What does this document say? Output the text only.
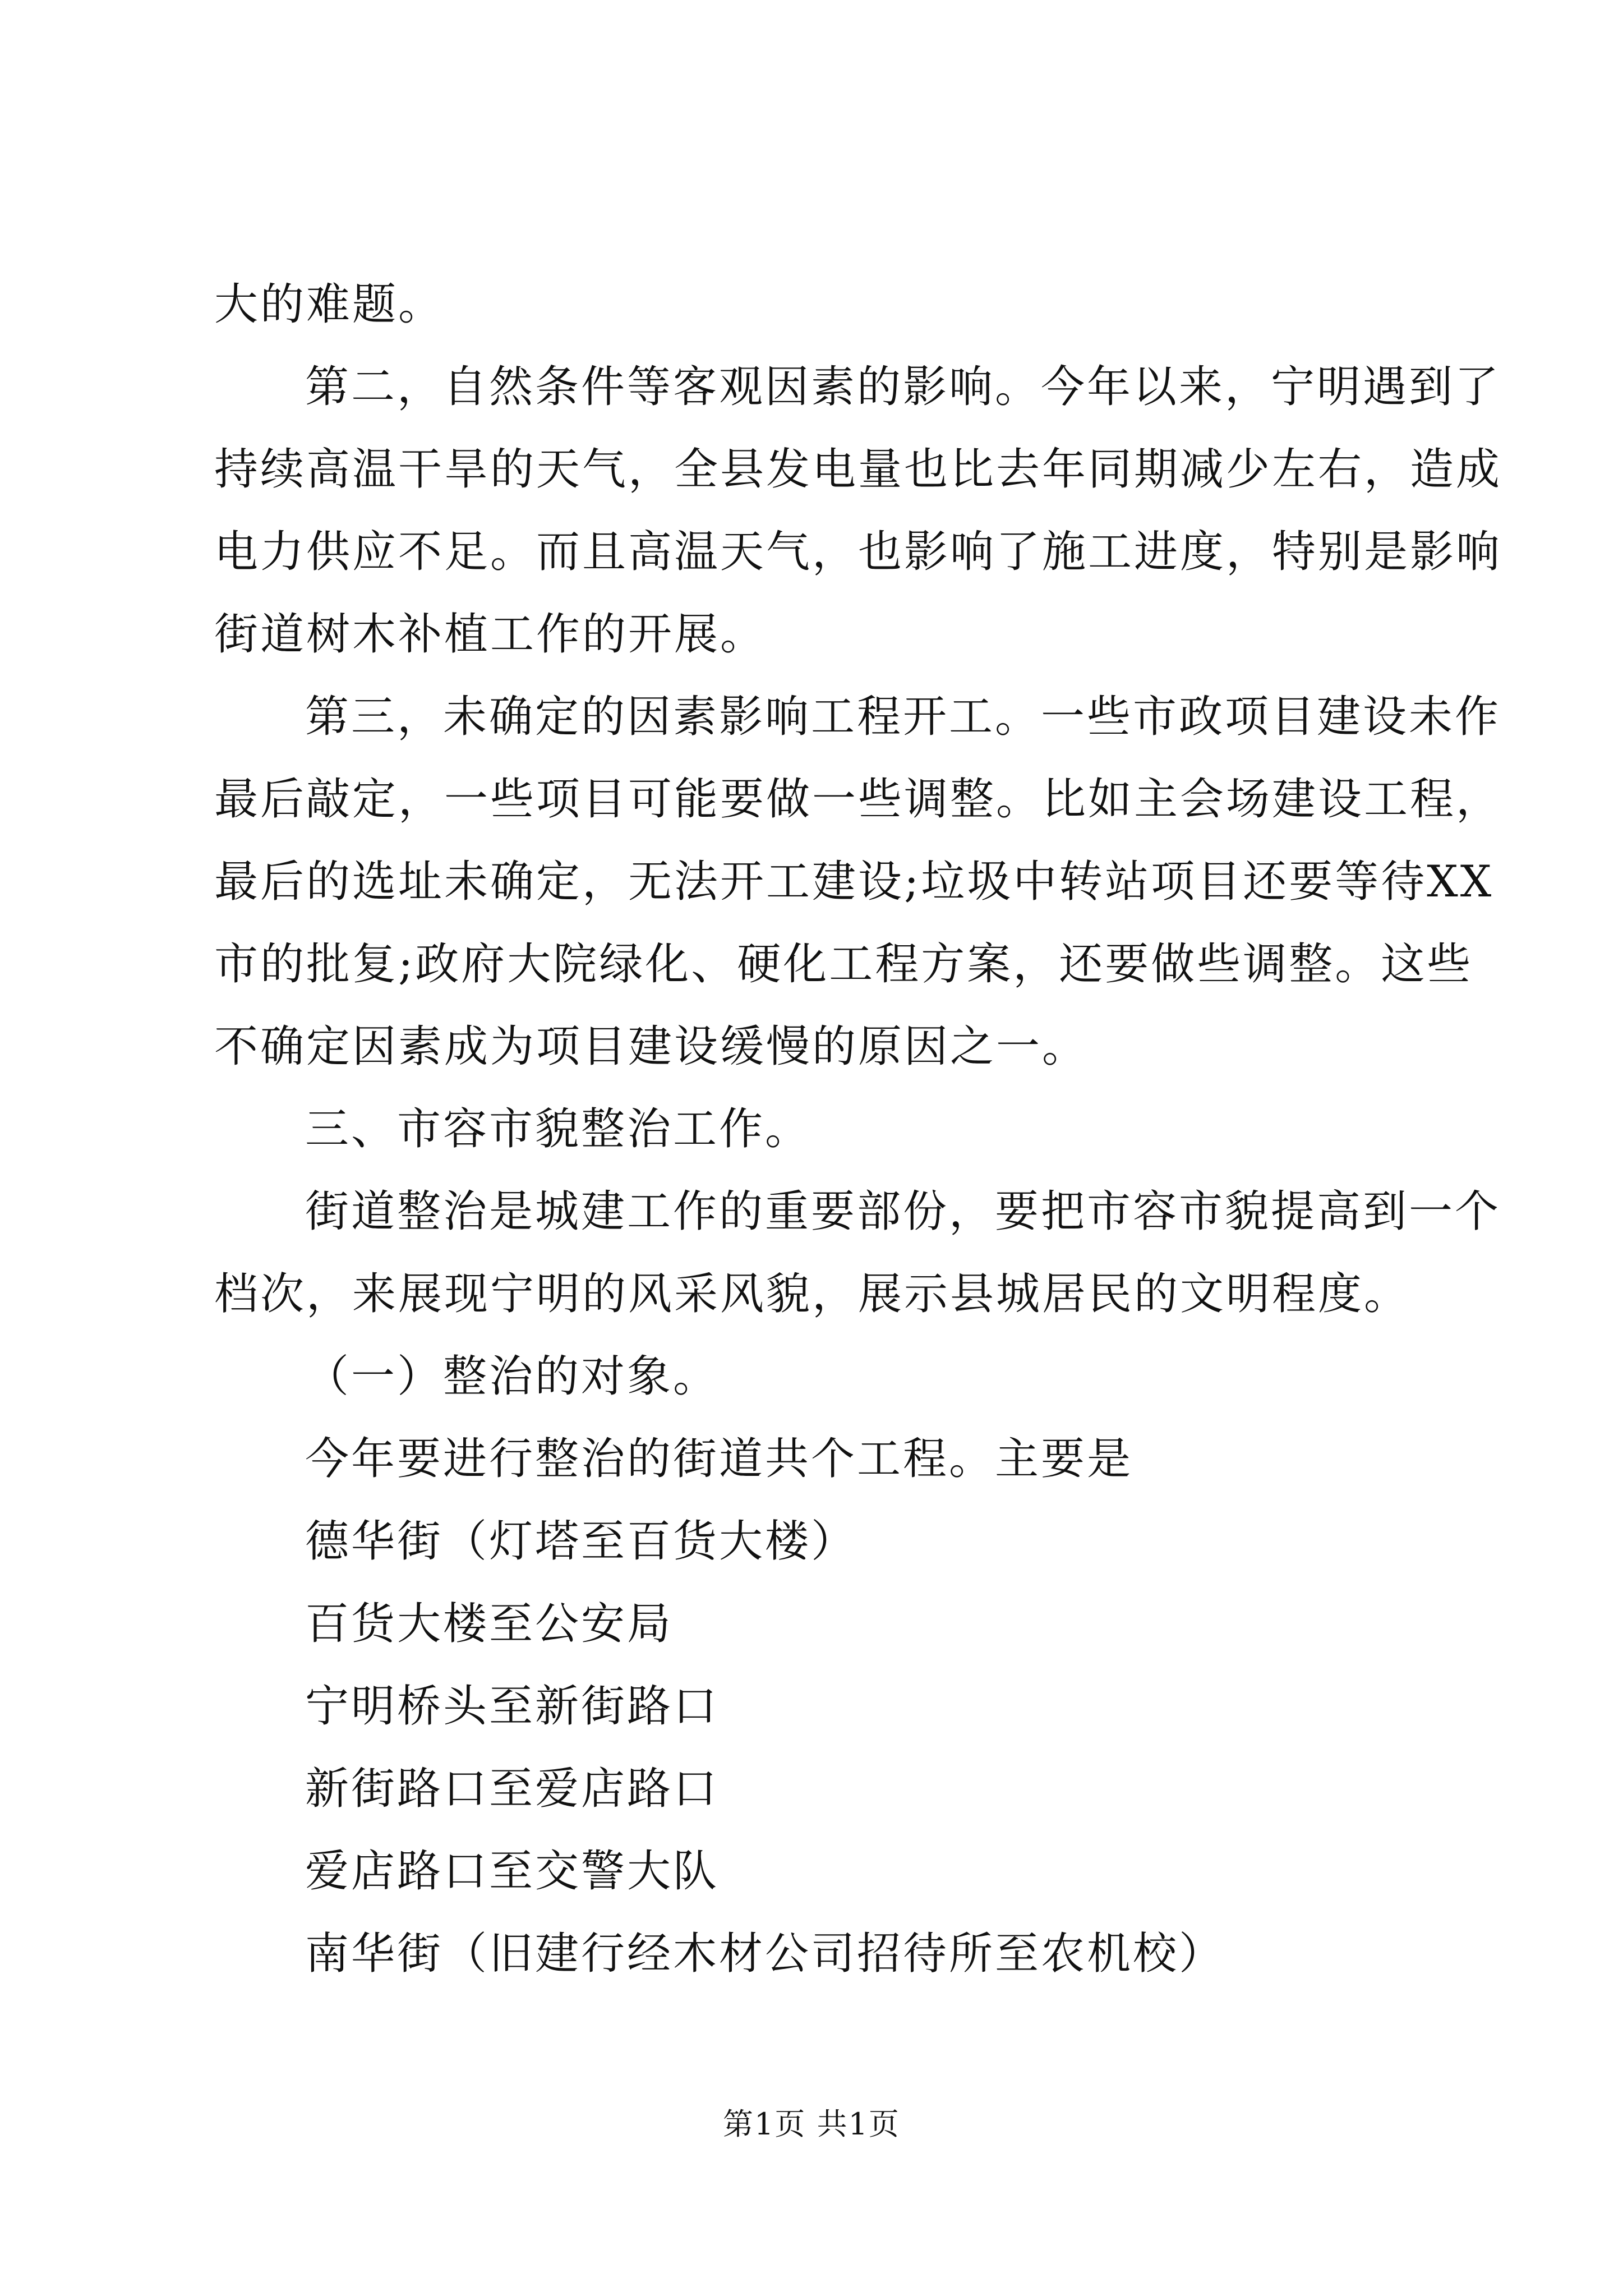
大的难题。
第二，自然条件等客观因素的影响。今年以来，宁明遇到了
持续高温干旱的天气，全县发电量也比去年同期减少左右，造成
电力供应不足。而且高温天气，也影响了施工进度，特别是影响
街道树木补植工作的开展。
第三，未确定的因素影响工程开工。一些市政项目建设未作
最后敲定，一些项目可能要做一些调整。比如主会场建设工程，
最后的选址未确定，无法开工建设;垃圾中转站项目还要等待XX
市的批复;政府大院绿化、硬化工程方案，还要做些调整。这些
不确定因素成为项目建设缓慢的原因之一。
三、市容市貌整治工作。
街道整治是城建工作的重要部份，要把市容市貌提高到一个
档次，来展现宁明的风采风貌，展示县城居民的文明程度。
（一）整治的对象。
今年要进行整治的街道共个工程。主要是
德华街（灯塔至百货大楼）
百货大楼至公安局
宁明桥头至新街路口
新街路口至爱店路口
爱店路口至交警大队
南华街（旧建行经木材公司招待所至农机校）
第1页 共1页
